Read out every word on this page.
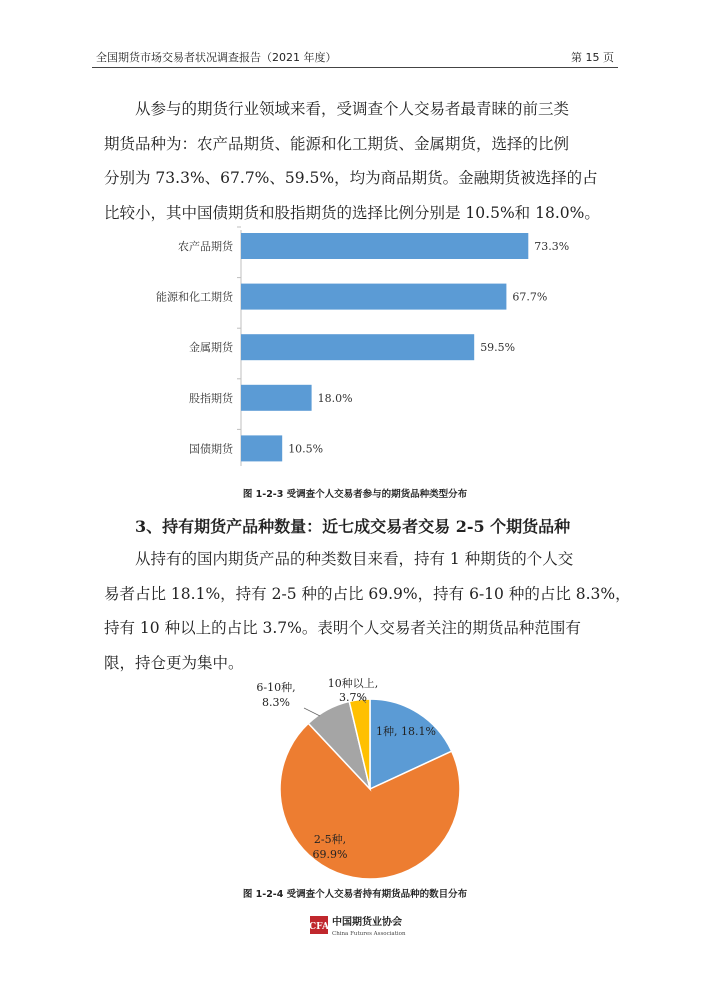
全国期货市场交易者状况调查报告（2021 年度）	第 15 页
从参与的期货行业领域来看，受调查个人交易者最青睐的前三类
期货品种为：农产品期货、能源和化工期货、金属期货，选择的比例
分别为 73.3%、67.7%、59.5%，均为商品期货。金融期货被选择的占
比较小，其中国债期货和股指期货的选择比例分别是 10.5%和 18.0%。
农产品期货	73.3%
能源和化工期货	67.7%
金属期货	59.5%
股指期货	18.0%
国债期货	10.5%
图 1-2-3 受调查个人交易者参与的期货品种类型分布
3、持有期货产品种数量：近七成交易者交易 2-5 个期货品种
从持有的国内期货产品的种类数目来看，持有 1 种期货的个人交
易者占比 18.1%，持有 2-5 种的占比 69.9%，持有 6-10 种的占比 8.3%，
持有 10 种以上的占比 3.7%。表明个人交易者关注的期货品种范围有
限，持仓更为集中。
1种, 18.1%
2-5种,
69.9%
6-10种,
8.3%
10种以上,
3.7%
图 1-2-4 受调查个人交易者持有期货品种的数目分布
CFA 中国期货业协会
China Futures Association
